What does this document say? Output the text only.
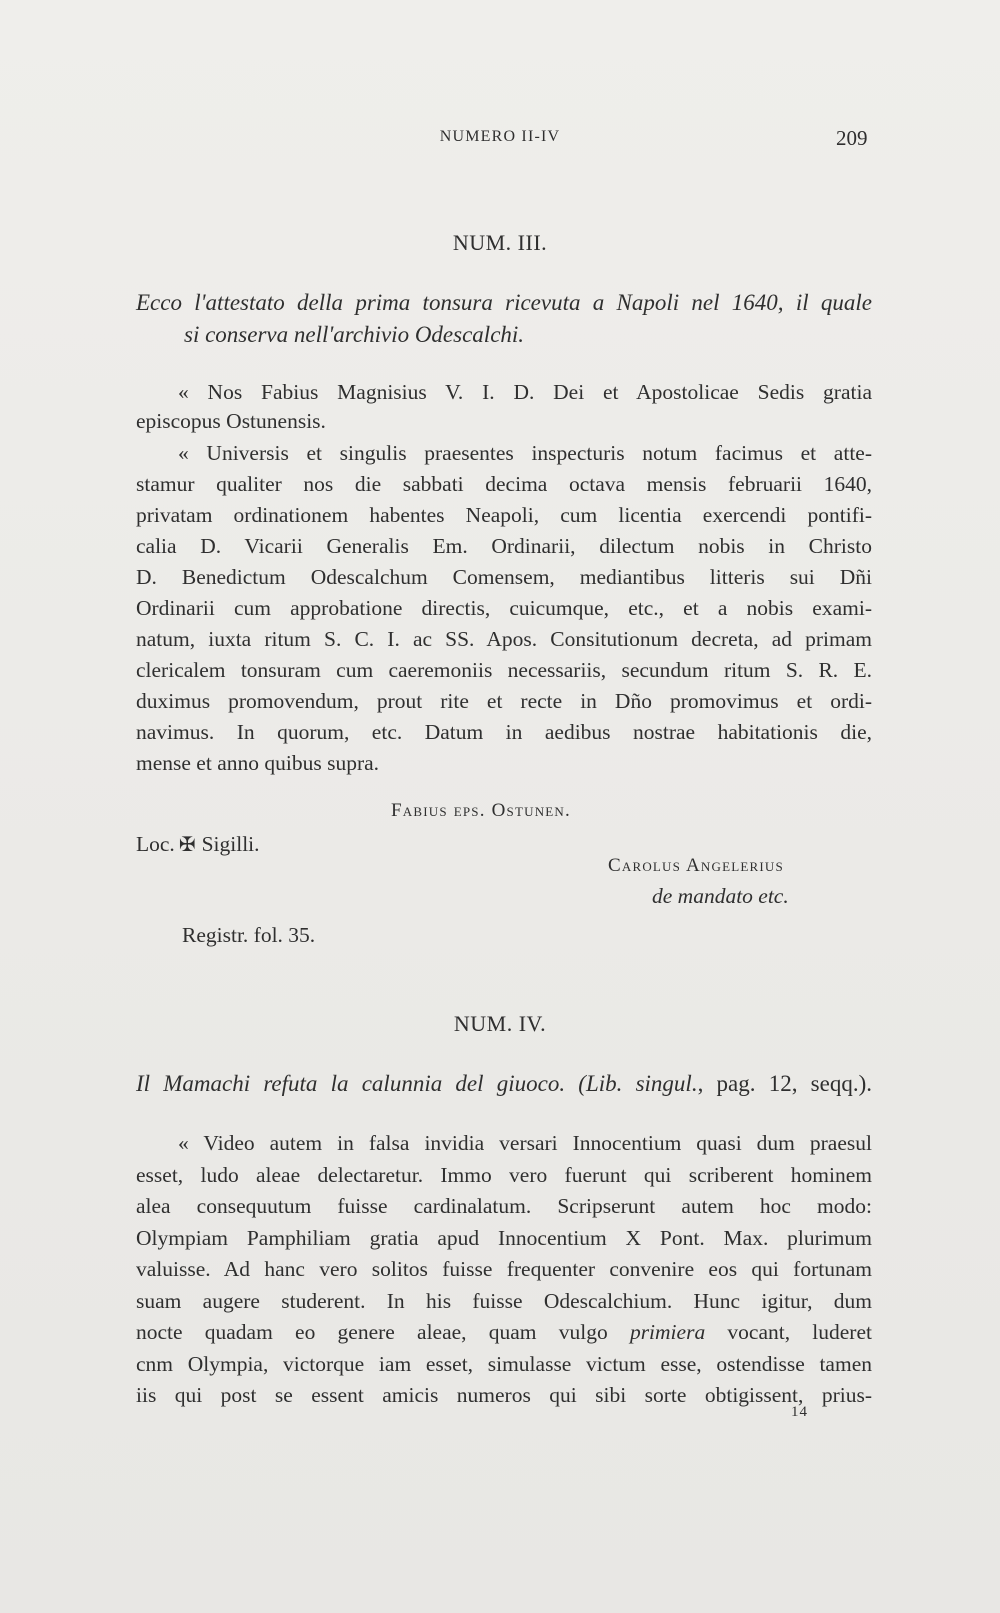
NUMERO II-IV	209
NUM. III.
Ecco l'attestato della prima tonsura ricevuta a Napoli nel 1640, il quale
si conserva nell'archivio Odescalchi.
« Nos Fabius Magnisius V. I. D. Dei et Apostolicae Sedis gratia
episcopus Ostunensis.
« Universis et singulis praesentes inspecturis notum facimus et atte-
stamur qualiter nos die sabbati decima octava mensis februarii 1640,
privatam ordinationem habentes Neapoli, cum licentia exercendi pontifi-
calia D. Vicarii Generalis Em. Ordinarii, dilectum nobis in Christo
D. Benedictum Odescalchum Comensem, mediantibus litteris sui Dñi
Ordinarii cum approbatione directis, cuicumque, etc., et a nobis exami-
natum, iuxta ritum S. C. I. ac SS. Apos. Consitutionum decreta, ad primam
clericalem tonsuram cum caeremoniis necessariis, secundum ritum S. R. E.
duximus promovendum, prout rite et recte in Dño promovimus et ordi-
navimus. In quorum, etc. Datum in aedibus nostrae habitationis die,
mense et anno quibus supra.
Fabius eps. Ostunen.
Loc. ✠ Sigilli.
Carolus Angelerius
de mandato etc.
Registr. fol. 35.
NUM. IV.
Il Mamachi refuta la calunnia del giuoco. (Lib. singul., pag. 12, seqq.).
« Video autem in falsa invidia versari Innocentium quasi dum praesul
esset, ludo aleae delectaretur. Immo vero fuerunt qui scriberent hominem
alea consequutum fuisse cardinalatum. Scripserunt autem hoc modo:
Olympiam Pamphiliam gratia apud Innocentium X Pont. Max. plurimum
valuisse. Ad hanc vero solitos fuisse frequenter convenire eos qui fortunam
suam augere studerent. In his fuisse Odescalchium. Hunc igitur, dum
nocte quadam eo genere aleae, quam vulgo primiera vocant, luderet
cnm Olympia, victorque iam esset, simulasse victum esse, ostendisse tamen
iis qui post se essent amicis numeros qui sibi sorte obtigissent, prius-
14
